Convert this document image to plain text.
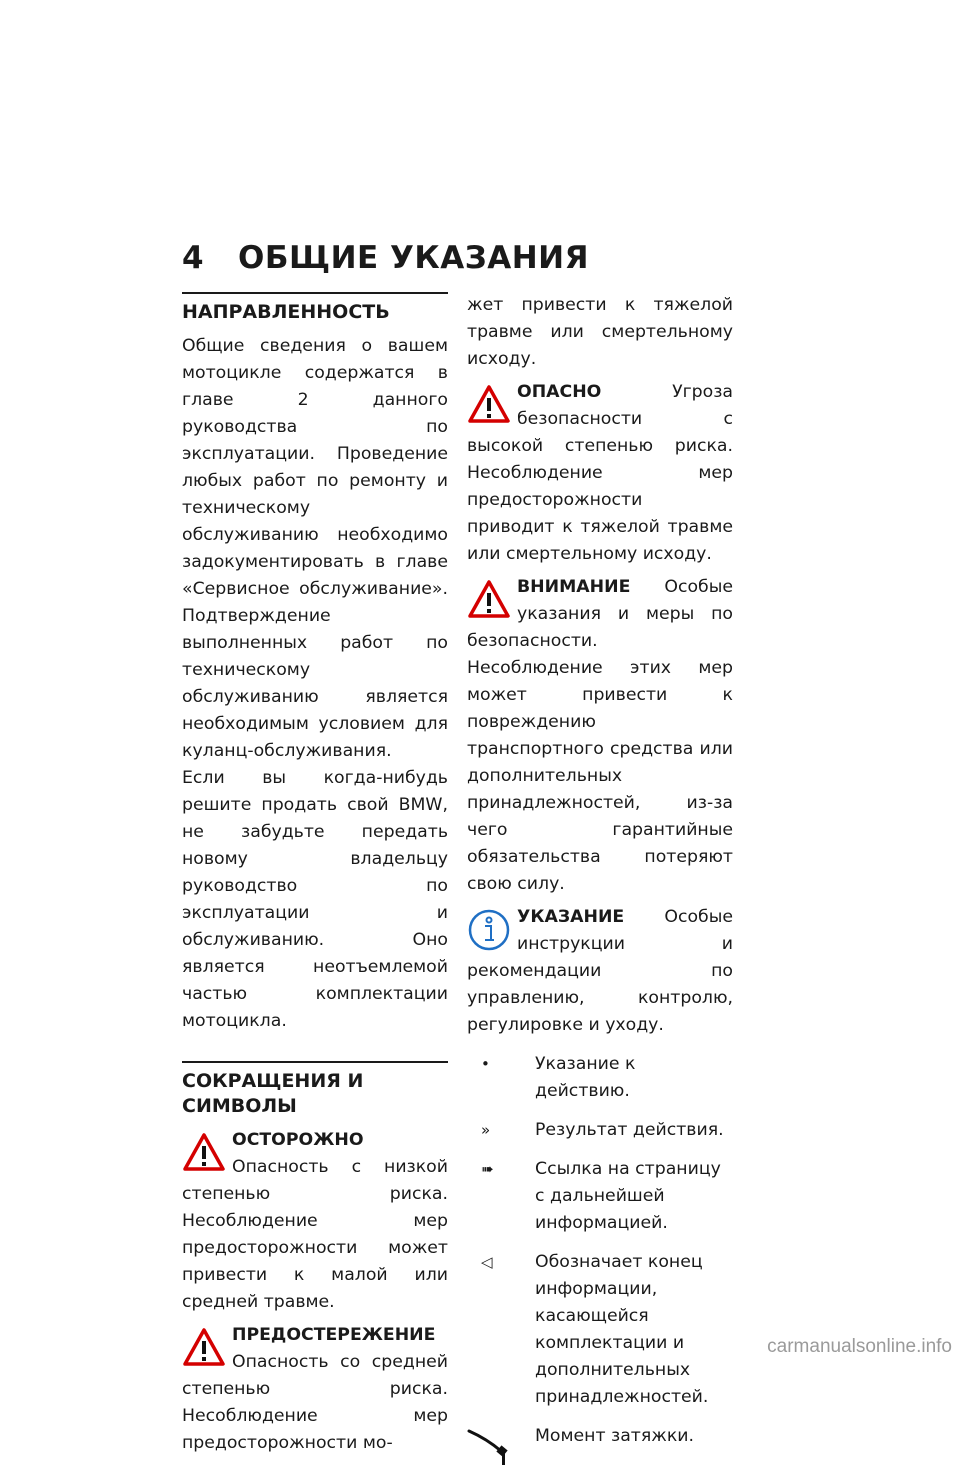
4 ОБЩИЕ УКАЗАНИЯ
НАПРАВЛЕННОСТЬ

Общие сведения о вашем мотоцикле содержатся в главе 2 данного руководства по эксплуатации. Проведение любых работ по ремонту и техническому обслуживанию необходимо задокументировать в главе «Сервисное обслуживание». Подтверждение выполненных работ по техническому обслуживанию является необходимым условием для куланц-обслуживания.

Если вы когда-нибудь решите продать свой BMW, не забудьте передать новому владельцу руководство по эксплуатации и обслуживанию. Оно является неотъемлемой частью комплектации мотоцикла.

СОКРАЩЕНИЯ И СИМВОЛЫ

ОСТОРОЖНО Опасность с низкой степенью риска. Несоблюдение мер предосторожности может привести к малой или средней травме.

ПРЕДОСТЕРЕЖЕНИЕ Опасность со средней степенью риска. Несоблюдение мер предосторожности мо-

жет привести к тяжелой травме или смертельному исходу.

ОПАСНО	Угроза безопасности с высокой степенью риска. Несоблюдение мер предосторожности приводит к тяжелой травме или смертельному исходу.

ВНИМАНИЕ Особые указания и меры по безопасности. Несоблюдение этих мер может привести к повреждению транспортного средства или дополнительных принадлежностей, из-за чего гарантийные обязательства потеряют свою силу.

УКАЗАНИЕ Особые инструкции и рекомендации по управлению, контролю, регулировке и уходу.

•	Указание к действию.

»	Результат действия.

➠	Ссылка на страницу с дальнейшей информацией.

◁	Обозначает конец информации, касающейся комплектации и дополнительных принадлежностей.

Момент затяжки.

carmanualsonline.info
